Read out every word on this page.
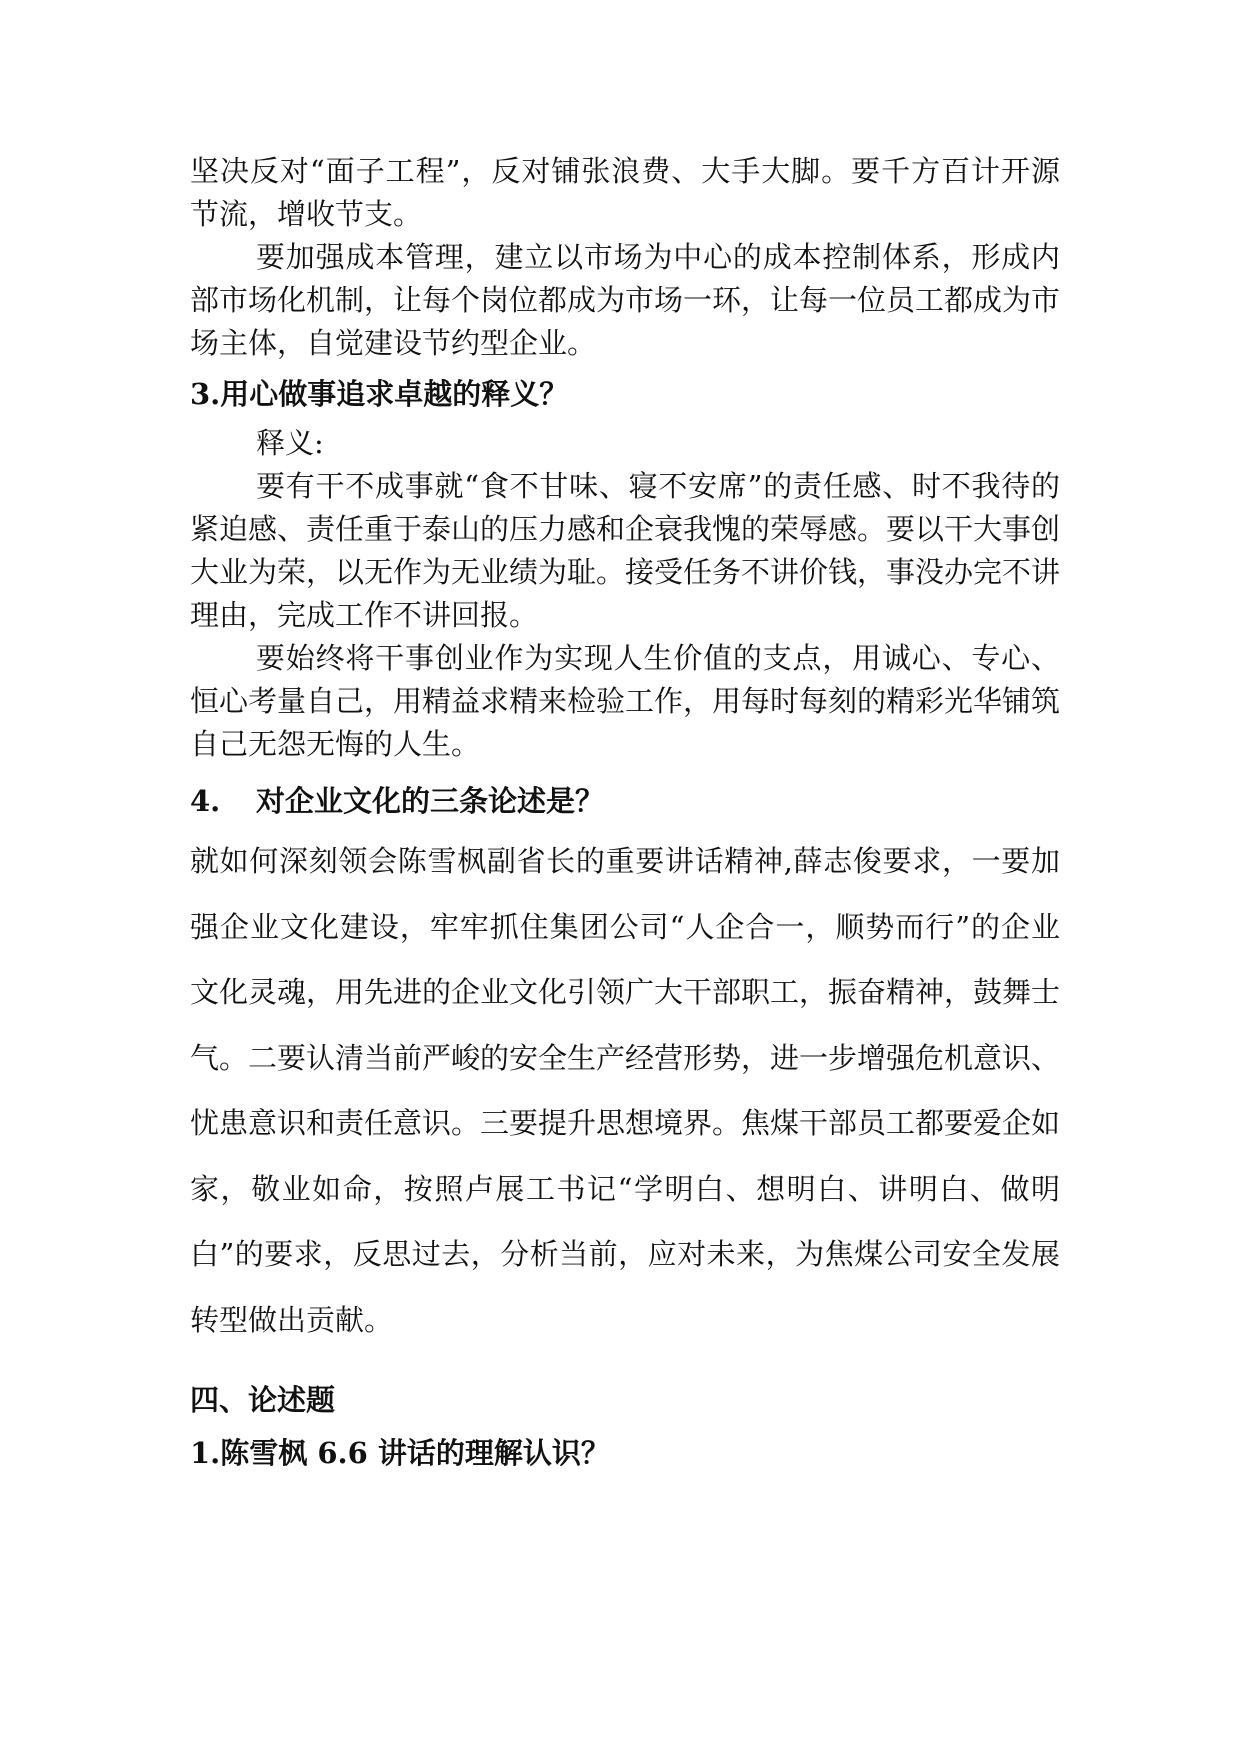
坚决反对“面子工程”，反对铺张浪费、大手大脚。要千方百计开源节流，增收节支。

要加强成本管理，建立以市场为中心的成本控制体系，形成内部市场化机制，让每个岗位都成为市场一环，让每一位员工都成为市场主体，自觉建设节约型企业。

3.用心做事追求卓越的释义？

释义:

要有干不成事就“食不甘味、寝不安席”的责任感、时不我待的紧迫感、责任重于泰山的压力感和企衰我愧的荣辱感。要以干大事创大业为荣，以无作为无业绩为耻。接受任务不讲价钱，事没办完不讲理由，完成工作不讲回报。

要始终将干事创业作为实现人生价值的支点，用诚心、专心、恒心考量自己，用精益求精来检验工作，用每时每刻的精彩光华铺筑自己无怨无悔的人生。

4. 对企业文化的三条论述是？

就如何深刻领会陈雪枫副省长的重要讲话精神,薛志俊要求，一要加强企业文化建设，牢牢抓住集团公司“人企合一，顺势而行”的企业文化灵魂，用先进的企业文化引领广大干部职工，振奋精神，鼓舞士气。二要认清当前严峻的安全生产经营形势，进一步增强危机意识、忧患意识和责任意识。三要提升思想境界。焦煤干部员工都要爱企如家，敬业如命，按照卢展工书记“学明白、想明白、讲明白、做明白”的要求，反思过去，分析当前，应对未来，为焦煤公司安全发展转型做出贡献。

四、论述题
1.陈雪枫 6.6 讲话的理解认识？
